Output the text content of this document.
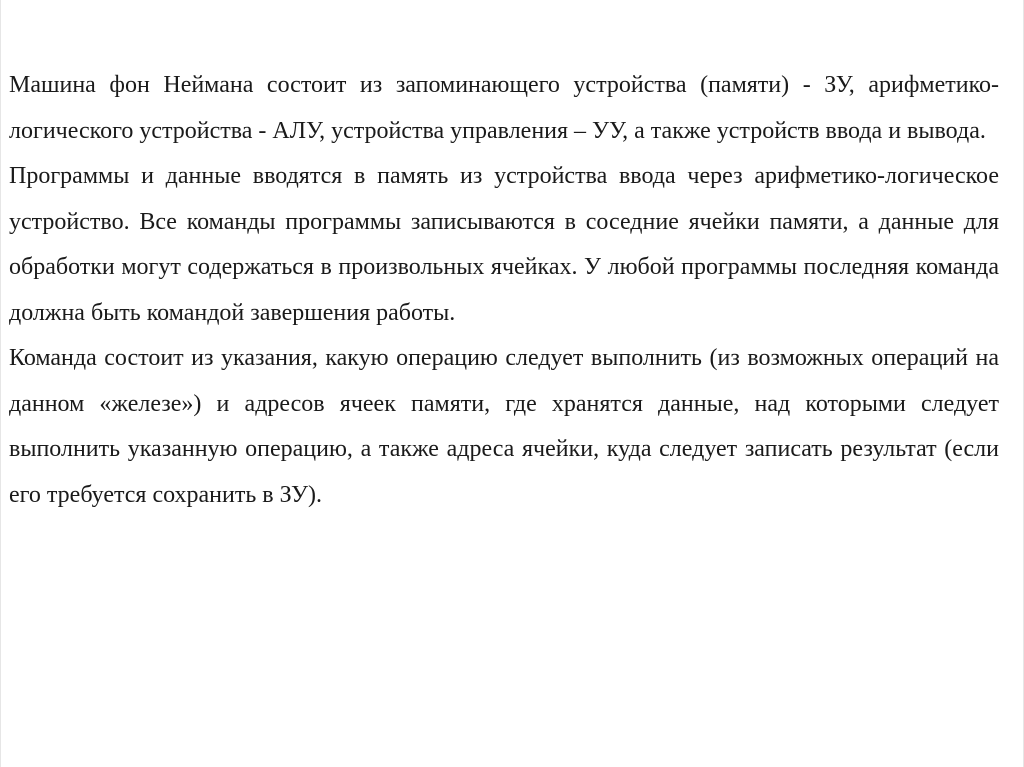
Машина фон Неймана состоит из запоминающего устройства (памяти) - ЗУ, арифметико-логического устройства - АЛУ, устройства управления – УУ, а также устройств ввода и вывода.

Программы и данные вводятся в память из устройства ввода через арифметико-логическое устройство. Все команды программы записываются в соседние ячейки памяти, а данные для обработки могут содержаться в произвольных ячейках. У любой программы последняя команда должна быть командой завершения работы.

Команда состоит из указания, какую операцию следует выполнить (из возможных операций на данном «железе») и адресов ячеек памяти, где хранятся данные, над которыми следует выполнить указанную операцию, а также адреса ячейки, куда следует записать результат (если его требуется сохранить в ЗУ).
